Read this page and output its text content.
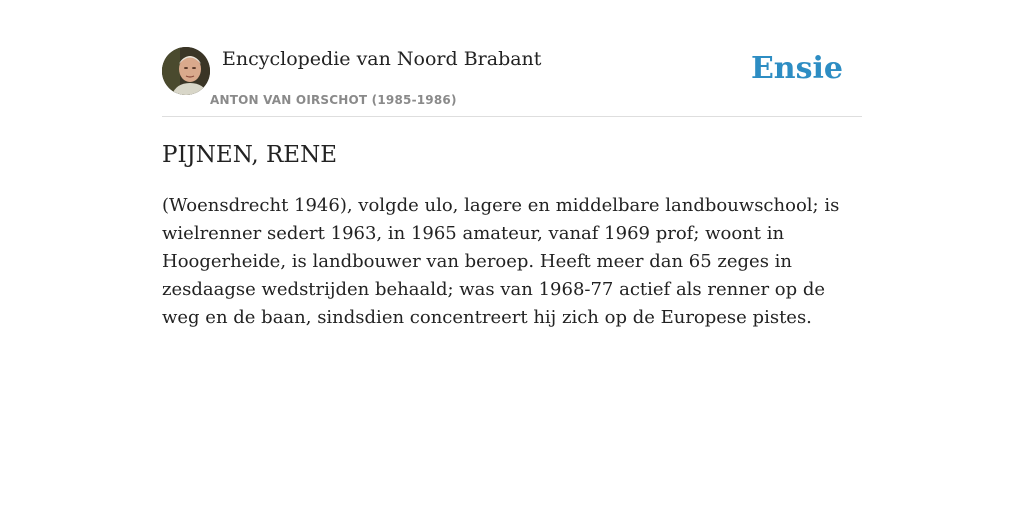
Encyclopedie van Noord Brabant
ANTON VAN OIRSCHOT (1985-1986)
Ensie
PIJNEN, RENE

(Woensdrecht 1946), volgde ulo, lagere en middelbare landbouwschool; is wielrenner sedert 1963, in 1965 amateur, vanaf 1969 prof; woont in Hoogerheide, is landbouwer van beroep. Heeft meer dan 65 zeges in zesdaagse wedstrijden behaald; was van 1968-77 actief als renner op de weg en de baan, sindsdien concentreert hij zich op de Europese pistes.
